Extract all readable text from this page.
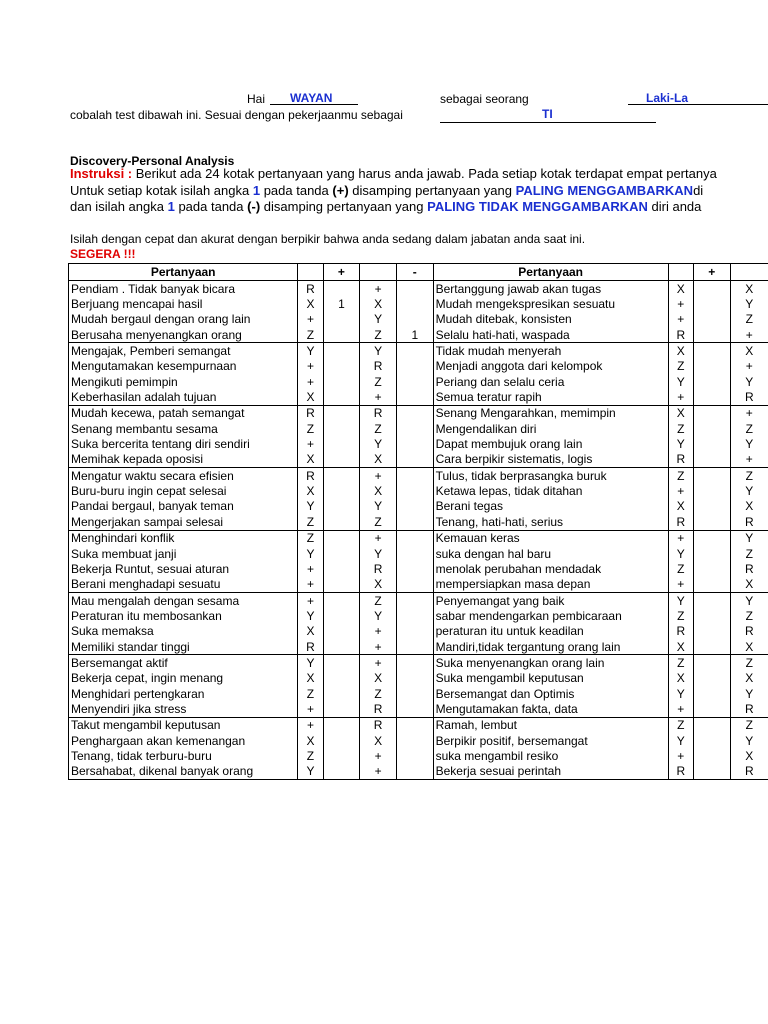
Hai WAYAN	sebagai seorang	Laki-La
cobalah test dibawah ini. Sesuai dengan pekerjaanmu sebagai	TI
Discovery-Personal Analysis
Instruksi : Berikut ada 24 kotak pertanyaan yang harus anda jawab. Pada setiap kotak terdapat empat pertanya
Untuk setiap kotak isilah angka 1 pada tanda (+) disamping pertanyaan yang PALING MENGGAMBARKANdi
dan isilah angka 1 pada tanda (-) disamping pertanyaan yang PALING TIDAK MENGGAMBARKAN diri anda
Isilah dengan cepat dan akurat dengan berpikir bahwa anda sedang dalam jabatan anda saat ini.
SEGERA !!!
Pertanyaan		+		-	Pertanyaan		+	
Pendiam . Tidak banyak bicara	R		+		Bertanggung jawab akan tugas	X		X
Berjuang mencapai hasil	X	1	X		Mudah mengekspresikan sesuatu	+		Y
Mudah bergaul dengan orang lain	+		Y		Mudah ditebak, konsisten	+		Z
Berusaha menyenangkan orang	Z		Z	1	Selalu hati-hati, waspada	R		+
Mengajak, Pemberi semangat	Y		Y		Tidak mudah menyerah	X		X
Mengutamakan kesempurnaan	+		R		Menjadi anggota dari kelompok	Z		+
Mengikuti pemimpin	+		Z		Periang dan selalu ceria	Y		Y
Keberhasilan adalah tujuan	X		+		Semua teratur rapih	+		R
Mudah kecewa, patah semangat	R		R		Senang Mengarahkan, memimpin	X		+
Senang membantu sesama	Z		Z		Mengendalikan diri	Z		Z
Suka bercerita tentang diri sendiri	+		Y		Dapat membujuk orang lain	Y		Y
Memihak kepada oposisi	X		X		Cara berpikir sistematis, logis	R		+
Mengatur waktu secara efisien	R		+		Tulus, tidak berprasangka buruk	Z		Z
Buru-buru ingin cepat selesai	X		X		Ketawa lepas, tidak ditahan	+		Y
Pandai bergaul, banyak teman	Y		Y		Berani tegas	X		X
Mengerjakan sampai selesai	Z		Z		Tenang, hati-hati, serius	R		R
Menghindari konflik	Z		+		Kemauan keras	+		Y
Suka membuat janji	Y		Y		suka dengan hal baru	Y		Z
Bekerja Runtut, sesuai aturan	+		R		menolak perubahan mendadak	Z		R
Berani menghadapi sesuatu	+		X		mempersiapkan masa depan	+		X
Mau mengalah dengan sesama	+		Z		Penyemangat yang baik	Y		Y
Peraturan itu membosankan	Y		Y		sabar mendengarkan pembicaraan	Z		Z
Suka memaksa	X		+		peraturan itu untuk keadilan	R		R
Memiliki standar tinggi	R		+		Mandiri,tidak tergantung orang lain	X		X
Bersemangat aktif	Y		+		Suka menyenangkan orang lain	Z		Z
Bekerja cepat, ingin menang	X		X		Suka mengambil keputusan	X		X
Menghidari pertengkaran	Z		Z		Bersemangat dan Optimis	Y		Y
Menyendiri jika stress	+		R		Mengutamakan fakta, data	+		R
Takut mengambil keputusan	+		R		Ramah, lembut	Z		Z
Penghargaan akan kemenangan	X		X		Berpikir positif, bersemangat	Y		Y
Tenang, tidak terburu-buru	Z		+		suka mengambil resiko	+		X
Bersahabat, dikenal banyak orang	Y		+		Bekerja sesuai perintah	R		R
